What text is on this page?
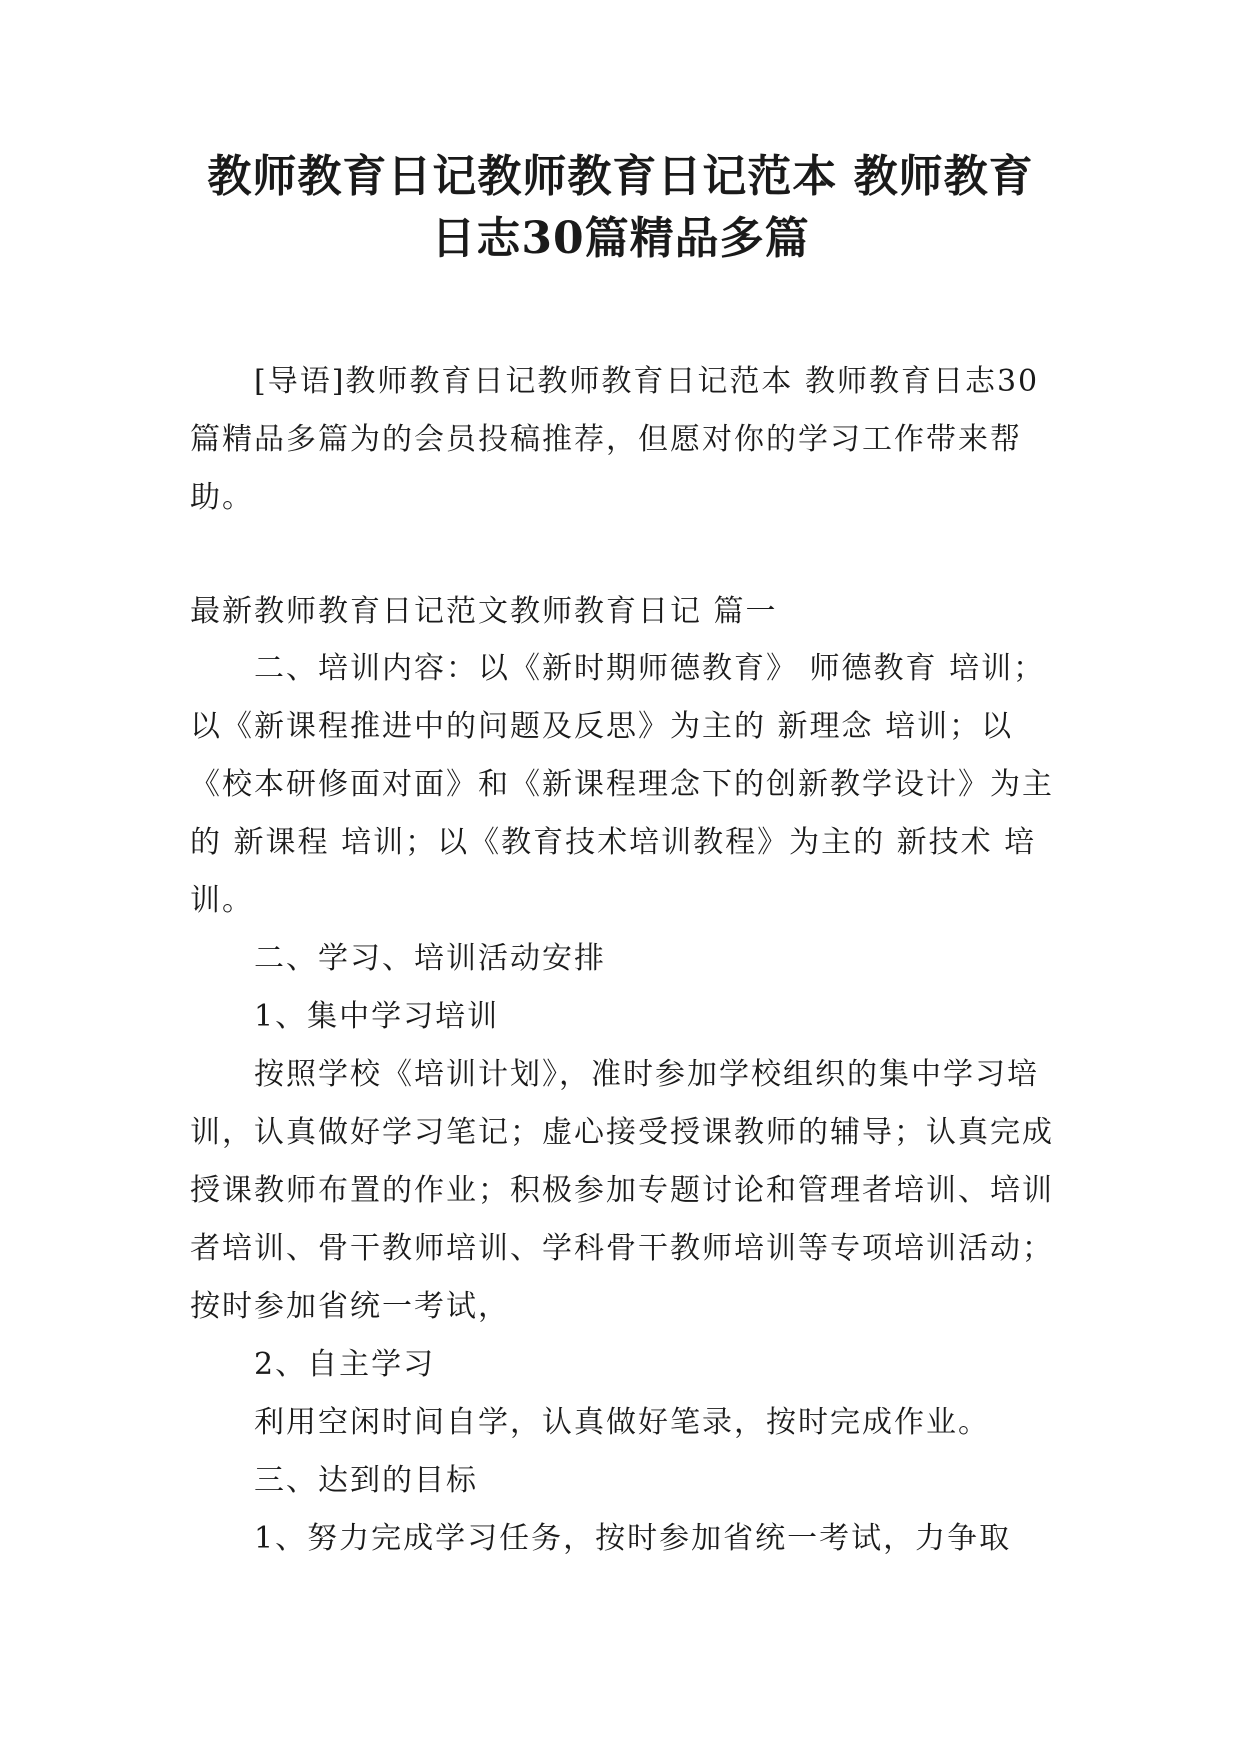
教师教育日记教师教育日记范本 教师教育
日志30篇精品多篇

[导语]教师教育日记教师教育日记范本 教师教育日志30篇精品多篇为的会员投稿推荐，但愿对你的学习工作带来帮助。

最新教师教育日记范文教师教育日记 篇一

二、培训内容：以《新时期师德教育》 师德教育 培训；以《新课程推进中的问题及反思》为主的 新理念 培训；以《校本研修面对面》和《新课程理念下的创新教学设计》为主的 新课程 培训；以《教育技术培训教程》为主的 新技术 培训。

二、学习、培训活动安排

1、集中学习培训

按照学校《培训计划》，准时参加学校组织的集中学习培训，认真做好学习笔记；虚心接受授课教师的辅导；认真完成授课教师布置的作业；积极参加专题讨论和管理者培训、培训者培训、骨干教师培训、学科骨干教师培训等专项培训活动；按时参加省统一考试，

2、自主学习

利用空闲时间自学，认真做好笔录，按时完成作业。

三、达到的目标

1、努力完成学习任务，按时参加省统一考试，力争取
